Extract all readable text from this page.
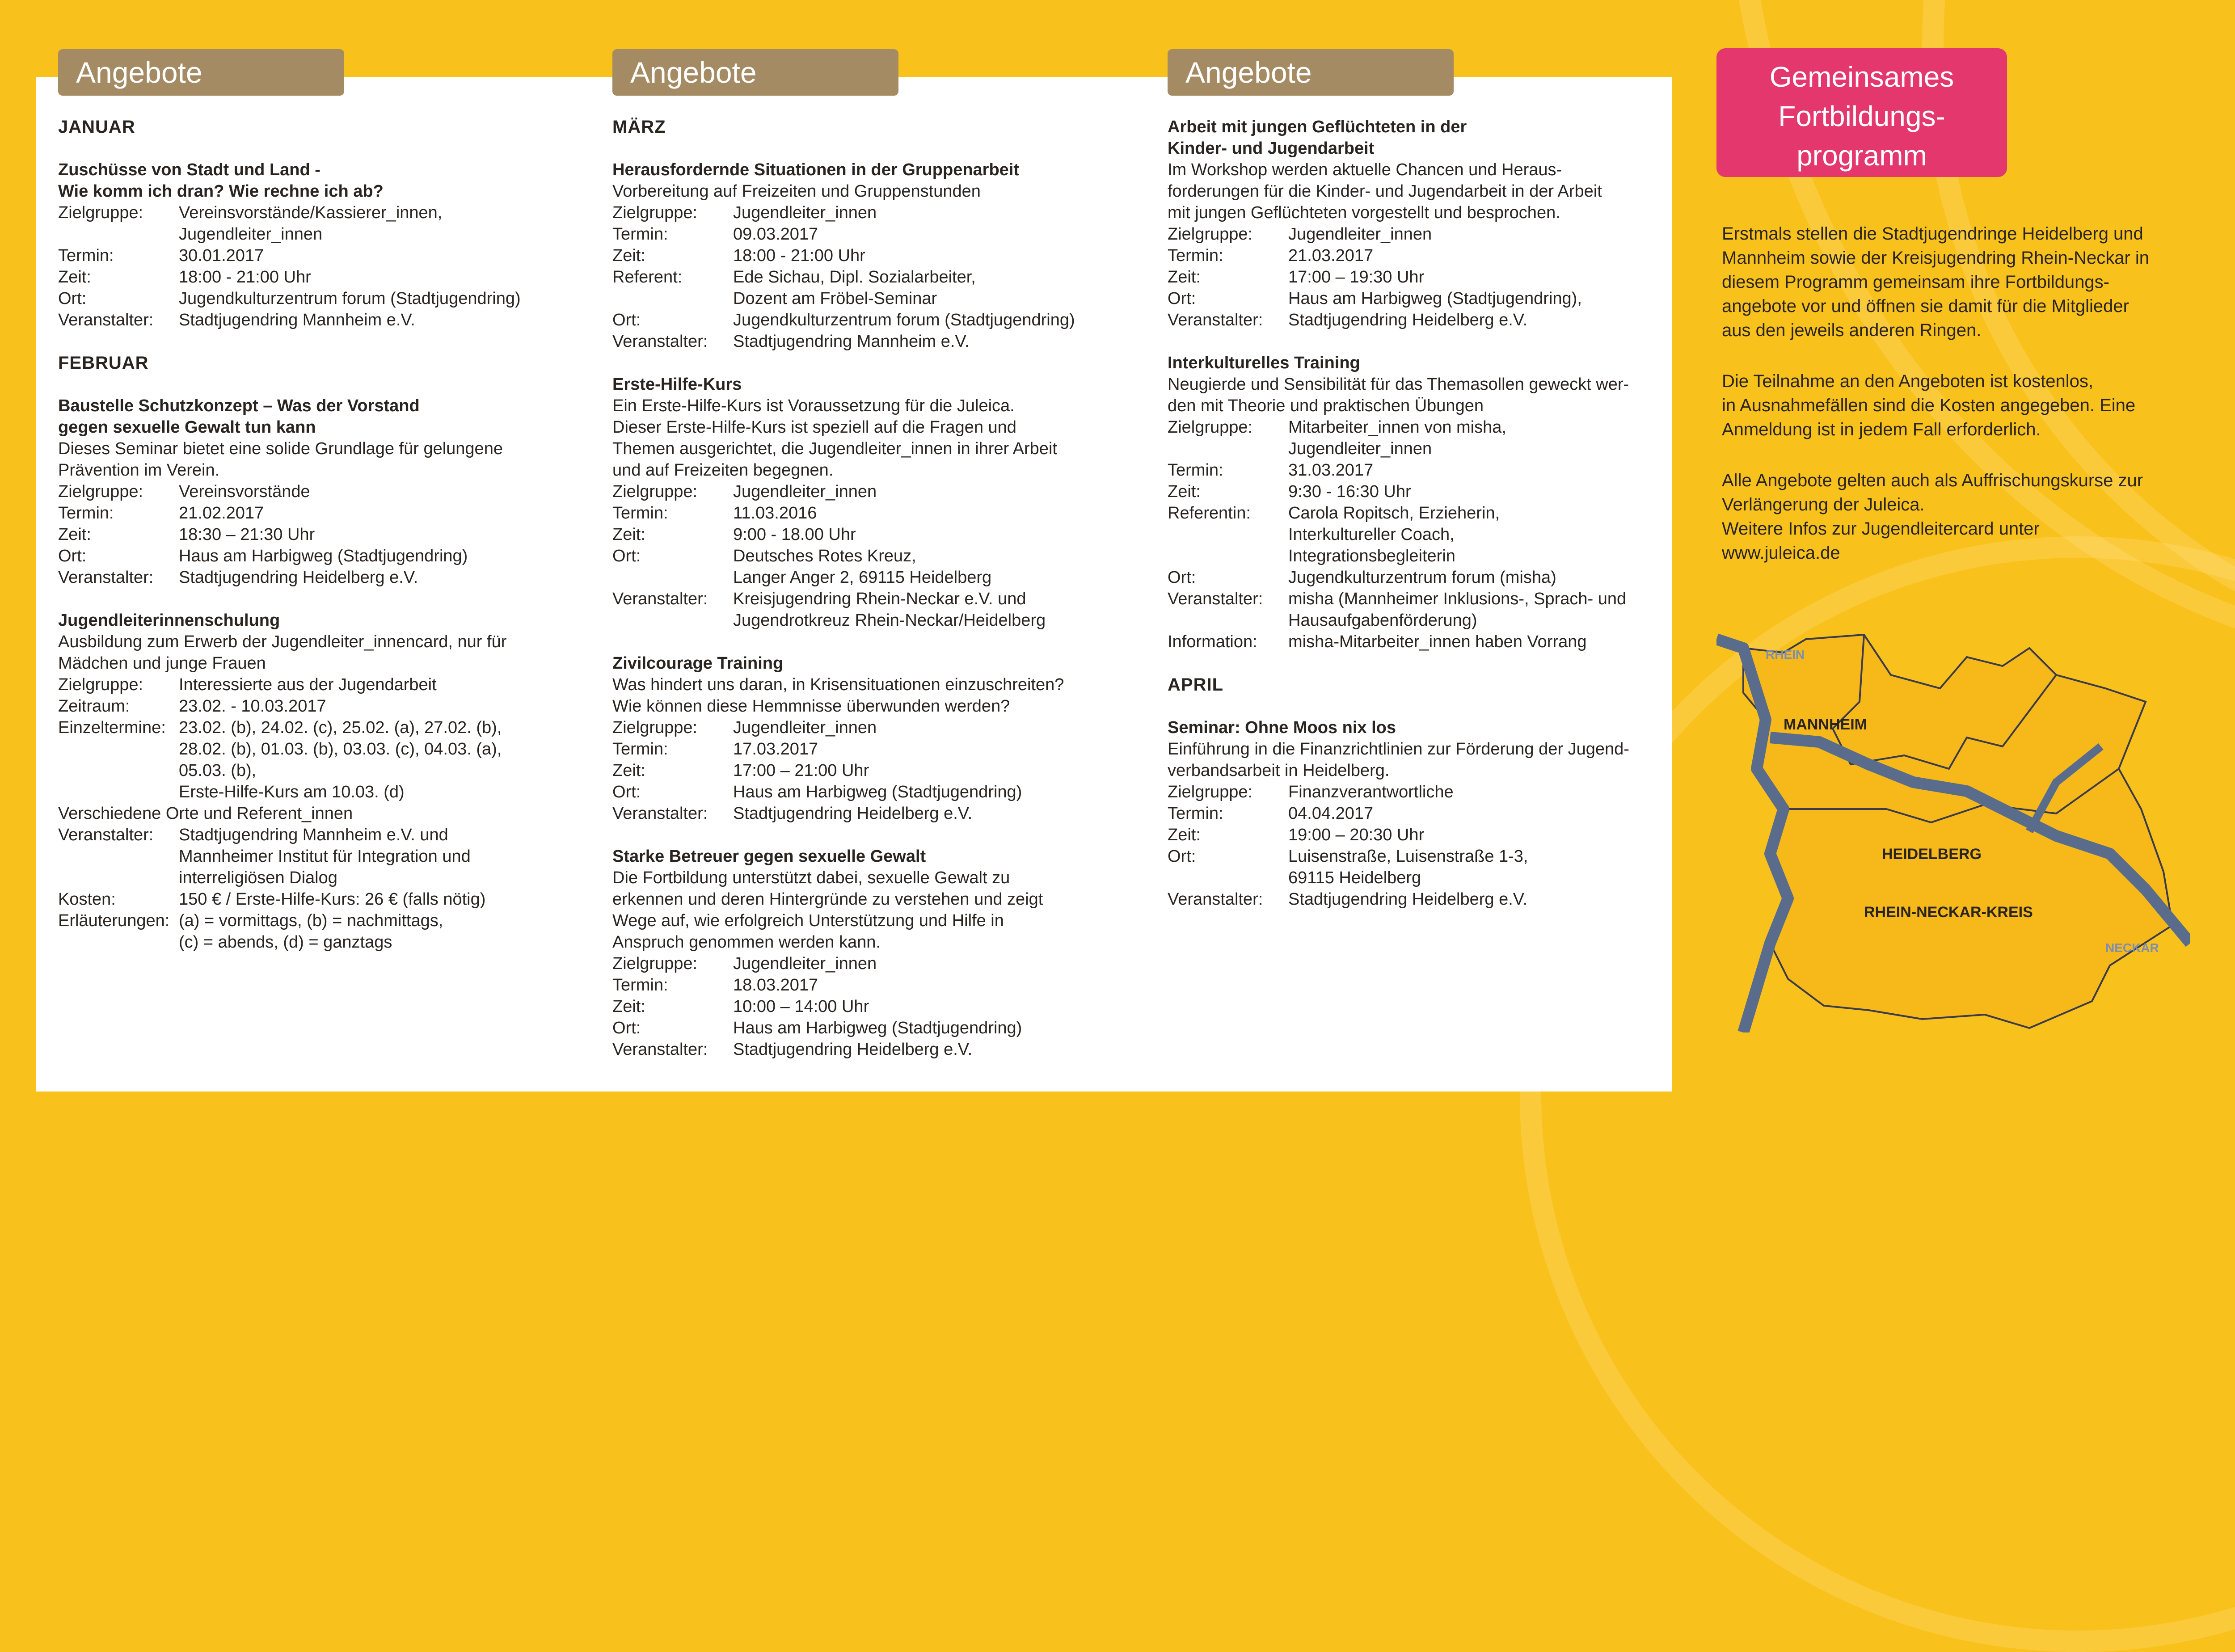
Angebote

JANUAR

Zuschüsse von Stadt und Land -
Wie komm ich dran? Wie rechne ich ab?

Zielgruppe:	Vereinsvorstände/Kassierer_innen,
Jugendleiter_innen
Termin:	30.01.2017
Zeit:	18:00 - 21:00 Uhr
Ort:	Jugendkulturzentrum forum (Stadtjugendring)
Veranstalter:	Stadtjugendring Mannheim e.V.

FEBRUAR

Baustelle Schutzkonzept – Was der Vorstand
gegen sexuelle Gewalt tun kann

Dieses Seminar bietet eine solide Grundlage für gelungene
Prävention im Verein.

Zielgruppe:	Vereinsvorstände
Termin:	21.02.2017
Zeit:	18:30 – 21:30 Uhr
Ort:	Haus am Harbigweg (Stadtjugendring)
Veranstalter:	Stadtjugendring Heidelberg e.V.

Jugendleiterinnenschulung

Ausbildung zum Erwerb der Jugendleiter_innencard, nur für
Mädchen und junge Frauen

Zielgruppe:	Interessierte aus der Jugendarbeit
Zeitraum:	23.02. - 10.03.2017
Einzeltermine: 23.02. (b), 24.02. (c), 25.02. (a), 27.02. (b),
28.02. (b), 01.03. (b), 03.03. (c), 04.03. (a),
05.03. (b),
Erste-Hilfe-Kurs am 10.03. (d)

Verschiedene Orte und Referent_innen

Veranstalter:	Stadtjugendring Mannheim e.V. und
Mannheimer Institut für Integration und
interreligiösen Dialog
Kosten:	150 € / Erste-Hilfe-Kurs: 26 € (falls nötig)
Erläuterungen: (a) = vormittags, (b) = nachmittags,
(c) = abends, (d) = ganztags
Angebote

MÄRZ

Herausfordernde Situationen in der Gruppenarbeit

Vorbereitung auf Freizeiten und Gruppenstunden

Zielgruppe:	Jugendleiter_innen
Termin:	09.03.2017
Zeit:	18:00 - 21:00 Uhr
Referent:	Ede Sichau, Dipl. Sozialarbeiter,
Dozent am Fröbel-Seminar
Ort:	Jugendkulturzentrum forum (Stadtjugendring)
Veranstalter:	Stadtjugendring Mannheim e.V.

Erste-Hilfe-Kurs

Ein Erste-Hilfe-Kurs ist Voraussetzung für die Juleica.
Dieser Erste-Hilfe-Kurs ist speziell auf die Fragen und
Themen ausgerichtet, die Jugendleiter_innen in ihrer Arbeit
und auf Freizeiten begegnen.

Zielgruppe:	Jugendleiter_innen
Termin:	11.03.2016
Zeit:	9:00 - 18.00 Uhr
Ort:	Deutsches Rotes Kreuz,
Langer Anger 2, 69115 Heidelberg
Veranstalter:	Kreisjugendring Rhein-Neckar e.V. und
Jugendrotkreuz Rhein-Neckar/Heidelberg

Zivilcourage Training

Was hindert uns daran, in Krisensituationen einzuschreiten?
Wie können diese Hemmnisse überwunden werden?

Zielgruppe:	Jugendleiter_innen
Termin:	17.03.2017
Zeit:	17:00 – 21:00 Uhr
Ort:	Haus am Harbigweg (Stadtjugendring)
Veranstalter:	Stadtjugendring Heidelberg e.V.

Starke Betreuer gegen sexuelle Gewalt

Die Fortbildung unterstützt dabei, sexuelle Gewalt zu
erkennen und deren Hintergründe zu verstehen und zeigt
Wege auf, wie erfolgreich Unterstützung und Hilfe in
Anspruch genommen werden kann.

Zielgruppe:	Jugendleiter_innen
Termin:	18.03.2017
Zeit:	10:00 – 14:00 Uhr
Ort:	Haus am Harbigweg (Stadtjugendring)
Veranstalter:	Stadtjugendring Heidelberg e.V.
Angebote

Arbeit mit jungen Geflüchteten in der
Kinder- und Jugendarbeit

Im Workshop werden aktuelle Chancen und Heraus-
forderungen für die Kinder- und Jugendarbeit in der Arbeit
mit jungen Geflüchteten vorgestellt und besprochen.

Zielgruppe:	Jugendleiter_innen
Termin:	21.03.2017
Zeit:	17:00 – 19:30 Uhr
Ort:	Haus am Harbigweg (Stadtjugendring),
Veranstalter:	Stadtjugendring Heidelberg e.V.

Interkulturelles Training

Neugierde und Sensibilität für das Themasollen geweckt wer-
den mit Theorie und praktischen Übungen

Zielgruppe:	Mitarbeiter_innen von misha,
Jugendleiter_innen
Termin:	31.03.2017
Zeit:	9:30 - 16:30 Uhr
Referentin:	Carola Ropitsch, Erzieherin,
Interkultureller Coach,
Integrationsbegleiterin
Ort:	Jugendkulturzentrum forum (misha)
Veranstalter:	misha (Mannheimer Inklusions-, Sprach- und
Hausaufgabenförderung)
Information:	misha-Mitarbeiter_innen haben Vorrang

APRIL

Seminar: Ohne Moos nix los

Einführung in die Finanzrichtlinien zur Förderung der Jugend-
verbandsarbeit in Heidelberg.

Zielgruppe:	Finanzverantwortliche
Termin:	04.04.2017
Zeit:	19:00 – 20:30 Uhr
Ort:	Luisenstraße, Luisenstraße 1-3,
69115 Heidelberg
Veranstalter:	Stadtjugendring Heidelberg e.V.

Gemeinsames
Fortbildungs-
programm

Erstmals stellen die Stadtjugendringe Heidelberg und
Mannheim sowie der Kreisjugendring Rhein-Neckar in
diesem Programm gemeinsam ihre Fortbildungs-
angebote vor und öffnen sie damit für die Mitglieder
aus den jeweils anderen Ringen.

Die Teilnahme an den Angeboten ist kostenlos,
in Ausnahmefällen sind die Kosten angegeben. Eine
Anmeldung ist in jedem Fall erforderlich.

Alle Angebote gelten auch als Auffrischungskurse zur
Verlängerung der Juleica.
Weitere Infos zur Jugendleitercard unter
www.juleica.de

RHEIN
MANNHEIM
HEIDELBERG
RHEIN-NECKAR-KREIS
NECKAR
